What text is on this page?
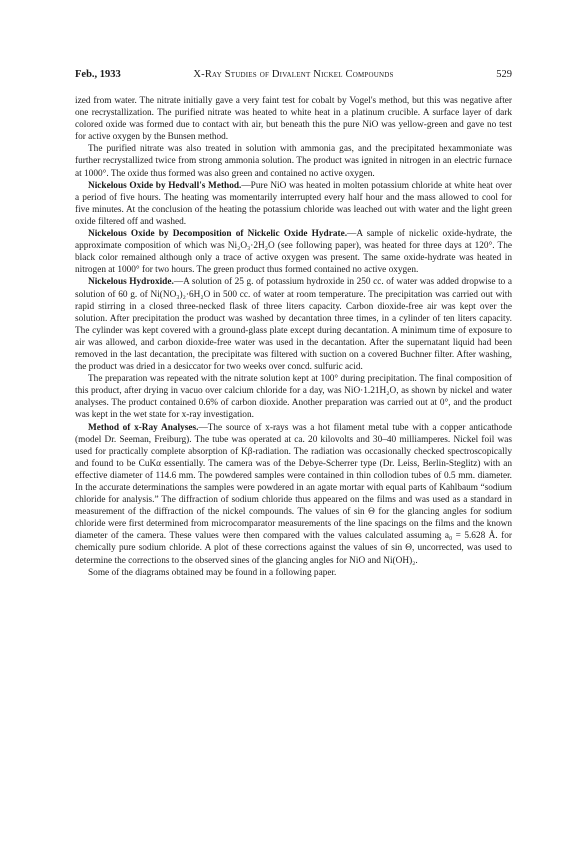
Feb., 1933	X-Ray Studies of Divalent Nickel Compounds	529

ized from water. The nitrate initially gave a very faint test for cobalt by Vogel's method, but this was negative after one recrystallization. The purified nitrate was heated to white heat in a platinum crucible. A surface layer of dark colored oxide was formed due to contact with air, but beneath this the pure NiO was yellow-green and gave no test for active oxygen by the Bunsen method.

The purified nitrate was also treated in solution with ammonia gas, and the precipitated hexammoniate was further recrystallized twice from strong ammonia solution. The product was ignited in nitrogen in an electric furnace at 1000°. The oxide thus formed was also green and contained no active oxygen.

Nickelous Oxide by Hedvall's Method.—Pure NiO was heated in molten potassium chloride at white heat over a period of five hours. The heating was momentarily interrupted every half hour and the mass allowed to cool for five minutes. At the conclusion of the heating the potassium chloride was leached out with water and the light green oxide filtered off and washed.

Nickelous Oxide by Decomposition of Nickelic Oxide Hydrate.—A sample of nickelic oxide-hydrate, the approximate composition of which was Ni₂O₃·2H₂O (see following paper), was heated for three days at 120°. The black color remained although only a trace of active oxygen was present. The same oxide-hydrate was heated in nitrogen at 1000° for two hours. The green product thus formed contained no active oxygen.

Nickelous Hydroxide.—A solution of 25 g. of potassium hydroxide in 250 cc. of water was added dropwise to a solution of 60 g. of Ni(NO₃)₂·6H₂O in 500 cc. of water at room temperature. The precipitation was carried out with rapid stirring in a closed three-necked flask of three liters capacity. Carbon dioxide-free air was kept over the solution. After precipitation the product was washed by decantation three times, in a cylinder of ten liters capacity. The cylinder was kept covered with a ground-glass plate except during decantation. A minimum time of exposure to air was allowed, and carbon dioxide-free water was used in the decantation. After the supernatant liquid had been removed in the last decantation, the precipitate was filtered with suction on a covered Buchner filter. After washing, the product was dried in a desiccator for two weeks over concd. sulfuric acid.

The preparation was repeated with the nitrate solution kept at 100° during precipitation. The final composition of this product, after drying in vacuo over calcium chloride for a day, was NiO·1.21H₂O, as shown by nickel and water analyses. The product contained 0.6% of carbon dioxide. Another preparation was carried out at 0°, and the product was kept in the wet state for x-ray investigation.

Method of x-Ray Analyses.—The source of x-rays was a hot filament metal tube with a copper anticathode (model Dr. Seeman, Freiburg). The tube was operated at ca. 20 kilovolts and 30–40 milliamperes. Nickel foil was used for practically complete absorption of Kβ-radiation. The radiation was occasionally checked spectroscopically and found to be CuKα essentially. The camera was of the Debye-Scherrer type (Dr. Leiss, Berlin-Steglitz) with an effective diameter of 114.6 mm. The powdered samples were contained in thin collodion tubes of 0.5 mm. diameter. In the accurate determinations the samples were powdered in an agate mortar with equal parts of Kahlbaum “sodium chloride for analysis.” The diffraction of sodium chloride thus appeared on the films and was used as a standard in measurement of the diffraction of the nickel compounds. The values of sin Θ for the glancing angles for sodium chloride were first determined from microcomparator measurements of the line spacings on the films and the known diameter of the camera. These values were then compared with the values calculated assuming a₀ = 5.628 Å. for chemically pure sodium chloride. A plot of these corrections against the values of sin Θ, uncorrected, was used to determine the corrections to the observed sines of the glancing angles for NiO and Ni(OH)₂.

Some of the diagrams obtained may be found in a following paper.
